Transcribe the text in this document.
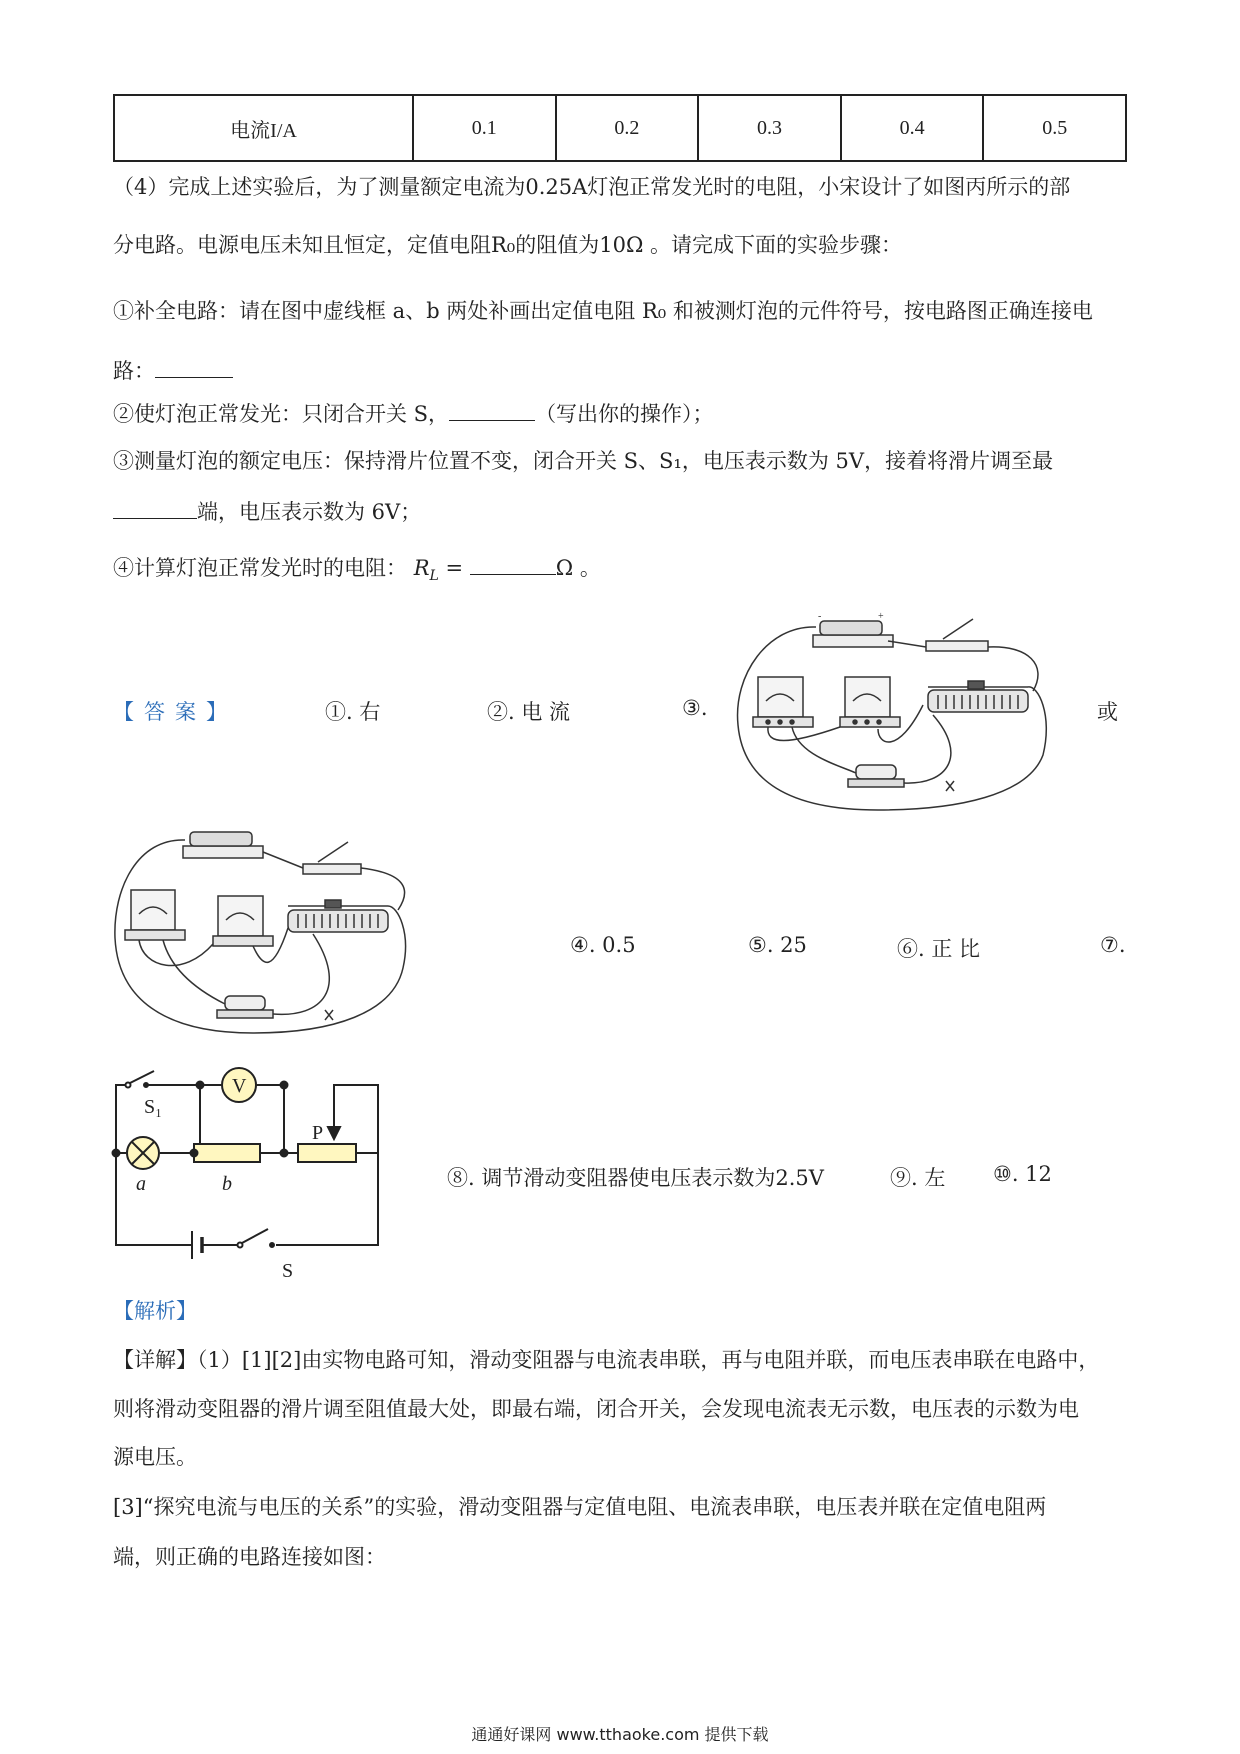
电流I/A	0.1	0.2	0.3	0.4	0.5
（4）完成上述实验后，为了测量额定电流为0.25A灯泡正常发光时的电阻，小宋设计了如图丙所示的部
分电路。电源电压未知且恒定，定值电阻R₀的阻值为10Ω 。请完成下面的实验步骤：
①补全电路：请在图中虚线框 a、b 两处补画出定值电阻 R₀ 和被测灯泡的元件符号，按电路图正确连接电
路：
②使灯泡正常发光：只闭合开关 S，	（写出你的操作）；
③测量灯泡的额定电压：保持滑片位置不变，闭合开关 S、S₁，电压表示数为 5V，接着将滑片调至最
端，电压表示数为 6V；
④计算灯泡正常发光时的电阻： $R_L$ =	Ω 。
【答案】	①. 右	②. 电 流	③.	或
-	+
④. 0.5	⑤. 25	⑥. 正 比	⑦.
V
S₁
P
a	b
S
⑧. 调节滑动变阻器使电压表示数为2.5V	⑨. 左 ⑩. 12
【解析】
【详解】（1）[1][2]由实物电路可知，滑动变阻器与电流表串联，再与电阻并联，而电压表串联在电路中，
则将滑动变阻器的滑片调至阻值最大处，即最右端，闭合开关，会发现电流表无示数，电压表的示数为电
源电压。
[3]“探究电流与电压的关系”的实验，滑动变阻器与定值电阻、电流表串联，电压表并联在定值电阻两
端，则正确的电路连接如图：
通通好课网 www.tthaoke.com 提供下载
